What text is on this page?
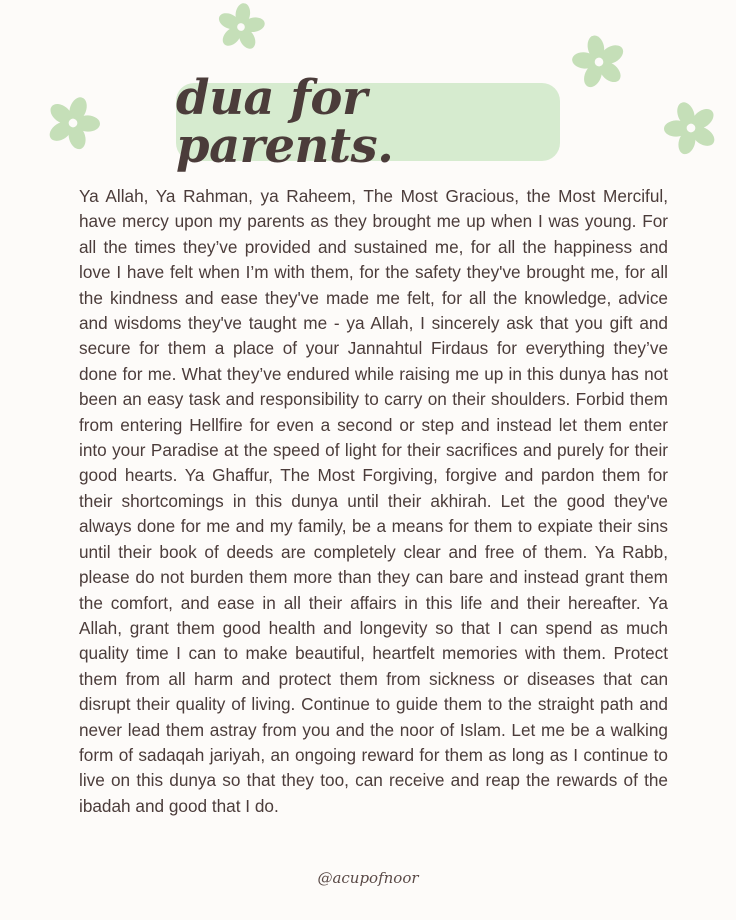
dua for parents.

Ya Allah, Ya Rahman, ya Raheem, The Most Gracious, the Most Merciful, have mercy upon my parents as they brought me up when I was young. For all the times they’ve provided and sustained me, for all the happiness and love I have felt when I’m with them, for the safety they've brought me, for all the kindness and ease they've made me felt, for all the knowledge, advice and wisdoms they've taught me - ya Allah, I sincerely ask that you gift and secure for them a place of your Jannahtul Firdaus for everything they’ve done for me. What they’ve endured while raising me up in this dunya has not been an easy task and responsibility to carry on their shoulders. Forbid them from entering Hellfire for even a second or step and instead let them enter into your Paradise at the speed of light for their sacrifices and purely for their good hearts. Ya Ghaffur, The Most Forgiving, forgive and pardon them for their shortcomings in this dunya until their akhirah. Let the good they've always done for me and my family, be a means for them to expiate their sins until their book of deeds are completely clear and free of them. Ya Rabb, please do not burden them more than they can bare and instead grant them the comfort, and ease in all their affairs in this life and their hereafter. Ya Allah, grant them good health and longevity so that I can spend as much quality time I can to make beautiful, heartfelt memories with them. Protect them from all harm and protect them from sickness or diseases that can disrupt their quality of living. Continue to guide them to the straight path and never lead them astray from you and the noor of Islam. Let me be a walking form of sadaqah jariyah, an ongoing reward for them as long as I continue to live on this dunya so that they too, can receive and reap the rewards of the ibadah and good that I do.

@acupofnoor
